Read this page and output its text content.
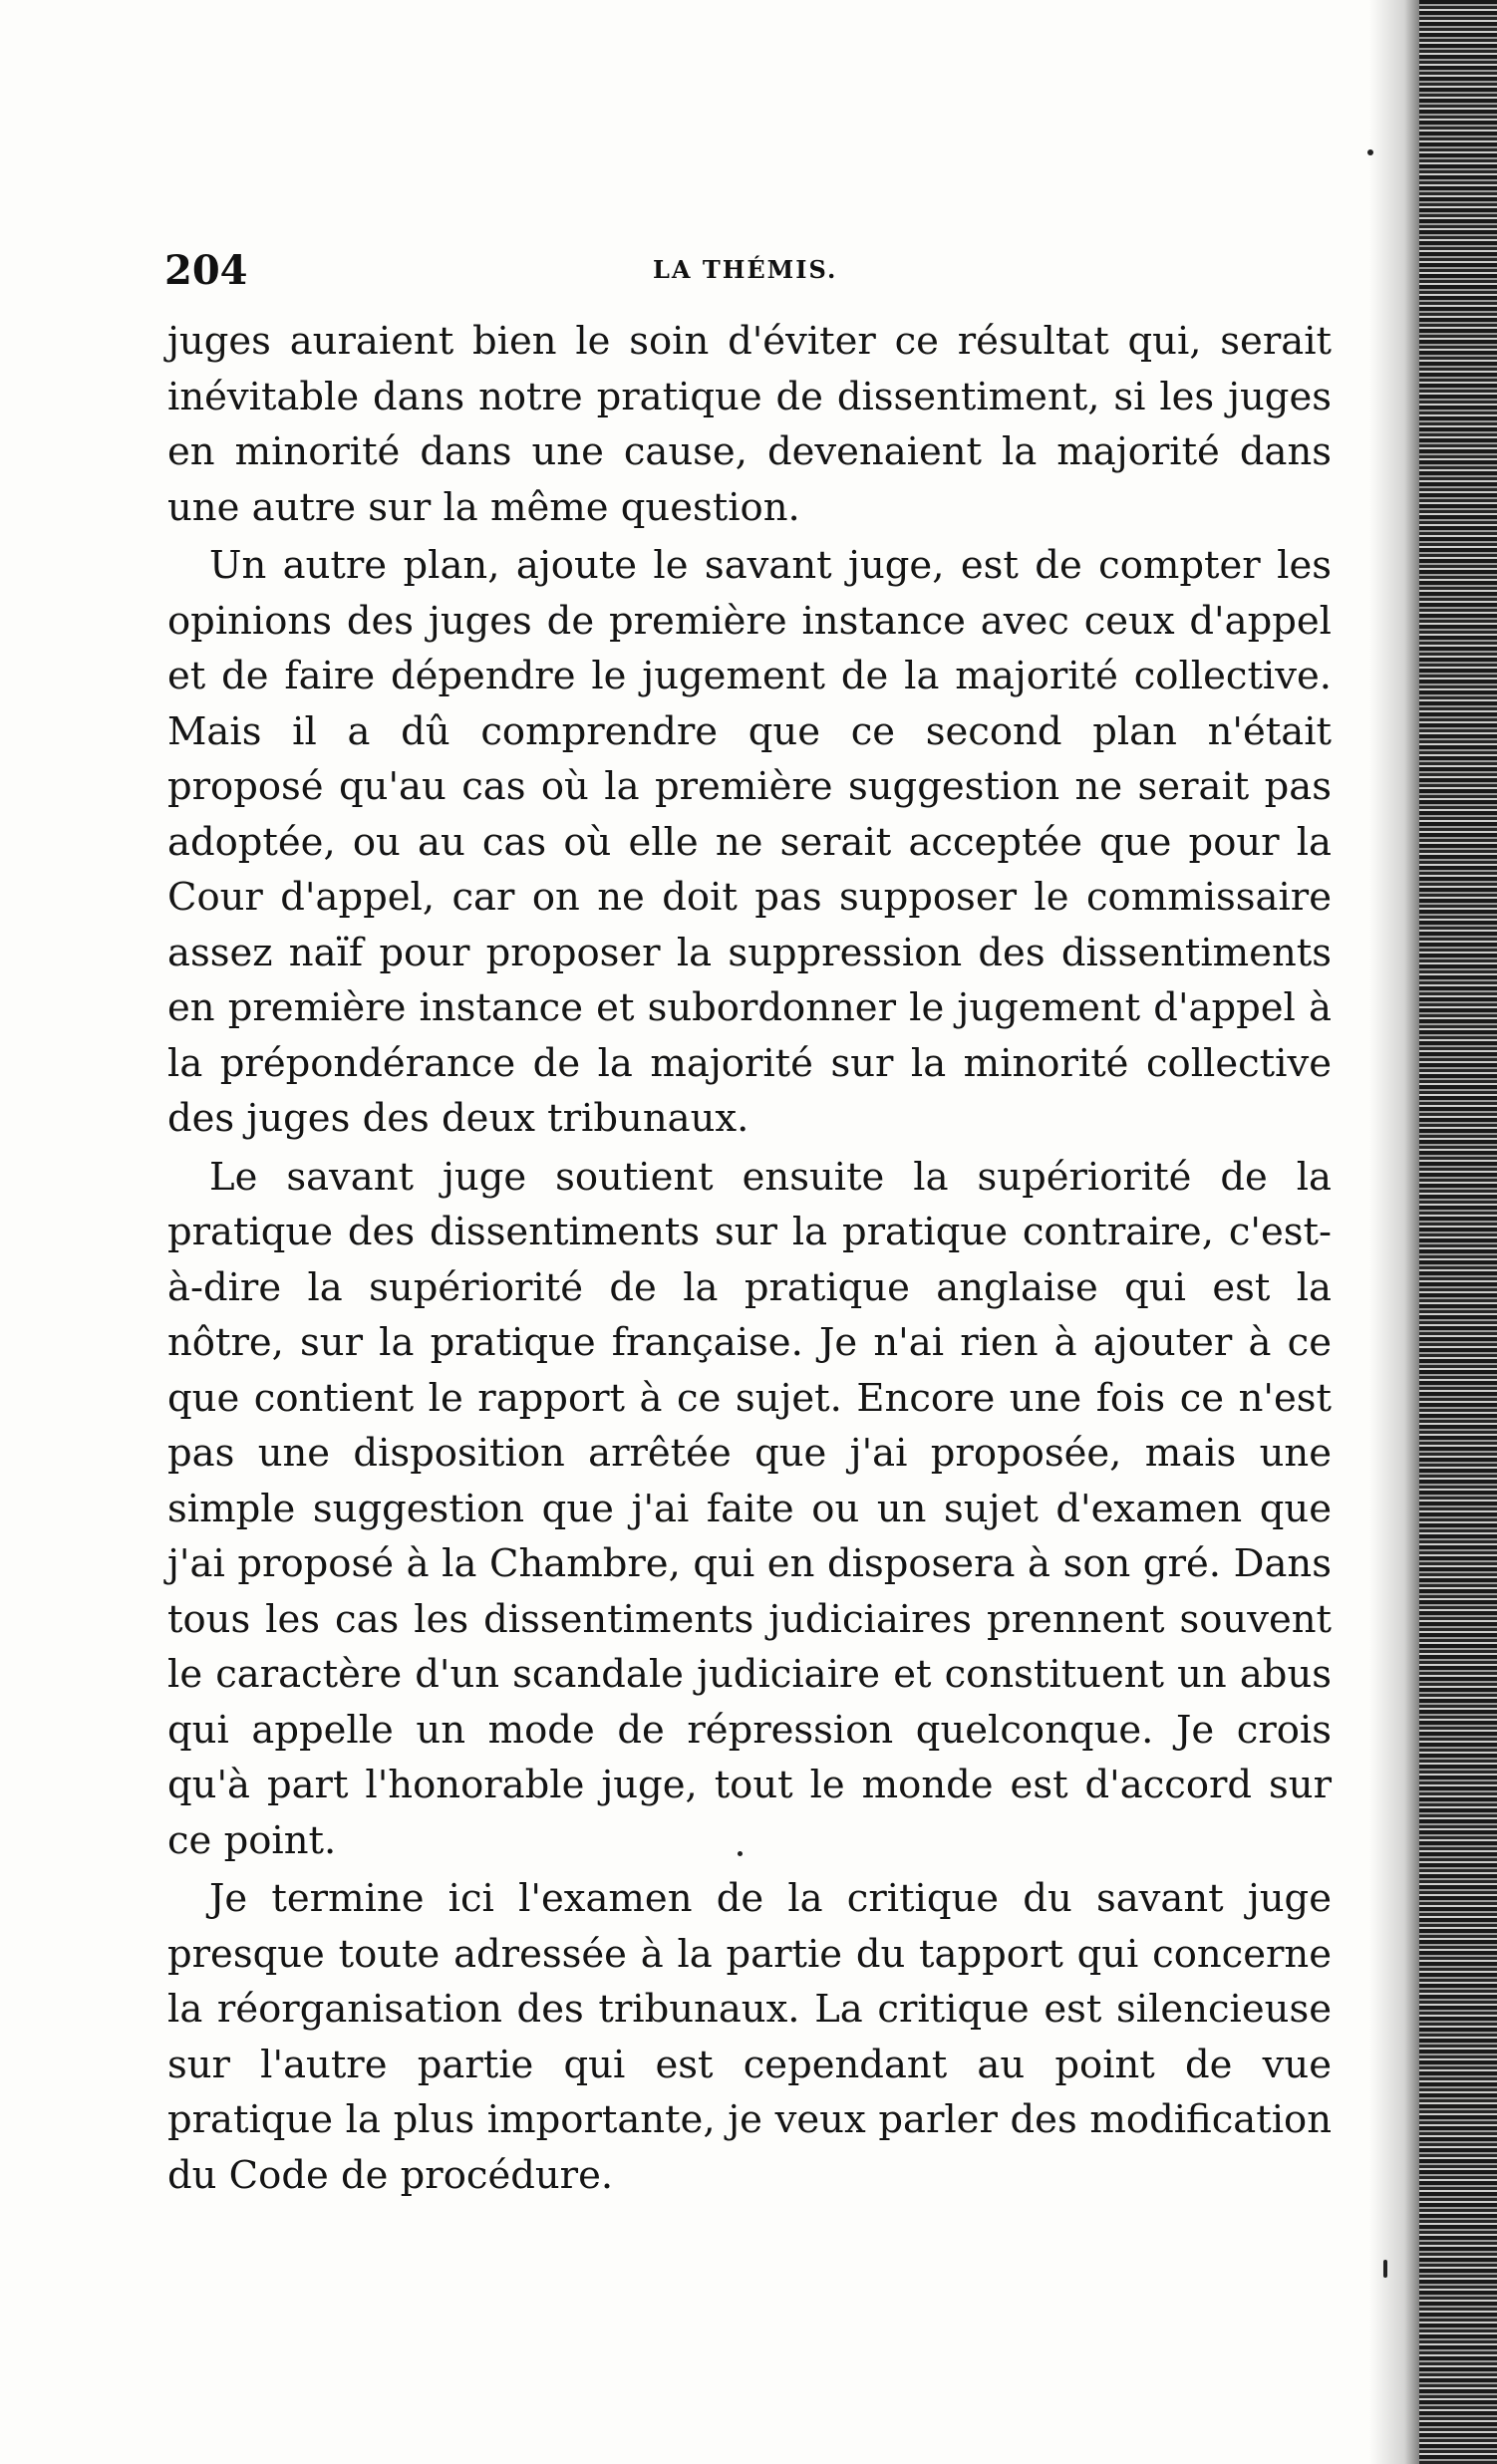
204	LA THÉMIS.

juges auraient bien le soin d'éviter ce résultat qui, serait inévitable dans notre pratique de dissentiment, si les juges en minorité dans une cause, devenaient la majorité dans une autre sur la même question.

Un autre plan, ajoute le savant juge, est de compter les opinions des juges de première instance avec ceux d'appel et de faire dépendre le jugement de la majorité collective. Mais il a dû comprendre que ce second plan n'était proposé qu'au cas où la première suggestion ne serait pas adoptée, ou au cas où elle ne serait acceptée que pour la Cour d'appel, car on ne doit pas supposer le commissaire assez naïf pour proposer la suppression des dissentiments en première instance et subordonner le jugement d'appel à la prépondérance de la majorité sur la minorité collective des juges des deux tribunaux.

Le savant juge soutient ensuite la supériorité de la pratique des dissentiments sur la pratique contraire, c'est-à-dire la supériorité de la pratique anglaise qui est la nôtre, sur la pratique française. Je n'ai rien à ajouter à ce que contient le rapport à ce sujet. Encore une fois ce n'est pas une disposition arrêtée que j'ai proposée, mais une simple suggestion que j'ai faite ou un sujet d'examen que j'ai proposé à la Chambre, qui en disposera à son gré. Dans tous les cas les dissentiments judiciaires prennent souvent le caractère d'un scandale judiciaire et constituent un abus qui appelle un mode de répression quelconque. Je crois qu'à part l'honorable juge, tout le monde est d'accord sur ce point.

Je termine ici l'examen de la critique du savant juge presque toute adressée à la partie du tapport qui concerne la réorganisation des tribunaux. La critique est silencieuse sur l'autre partie qui est cependant au point de vue pratique la plus importante, je veux parler des modification du Code de procédure.
